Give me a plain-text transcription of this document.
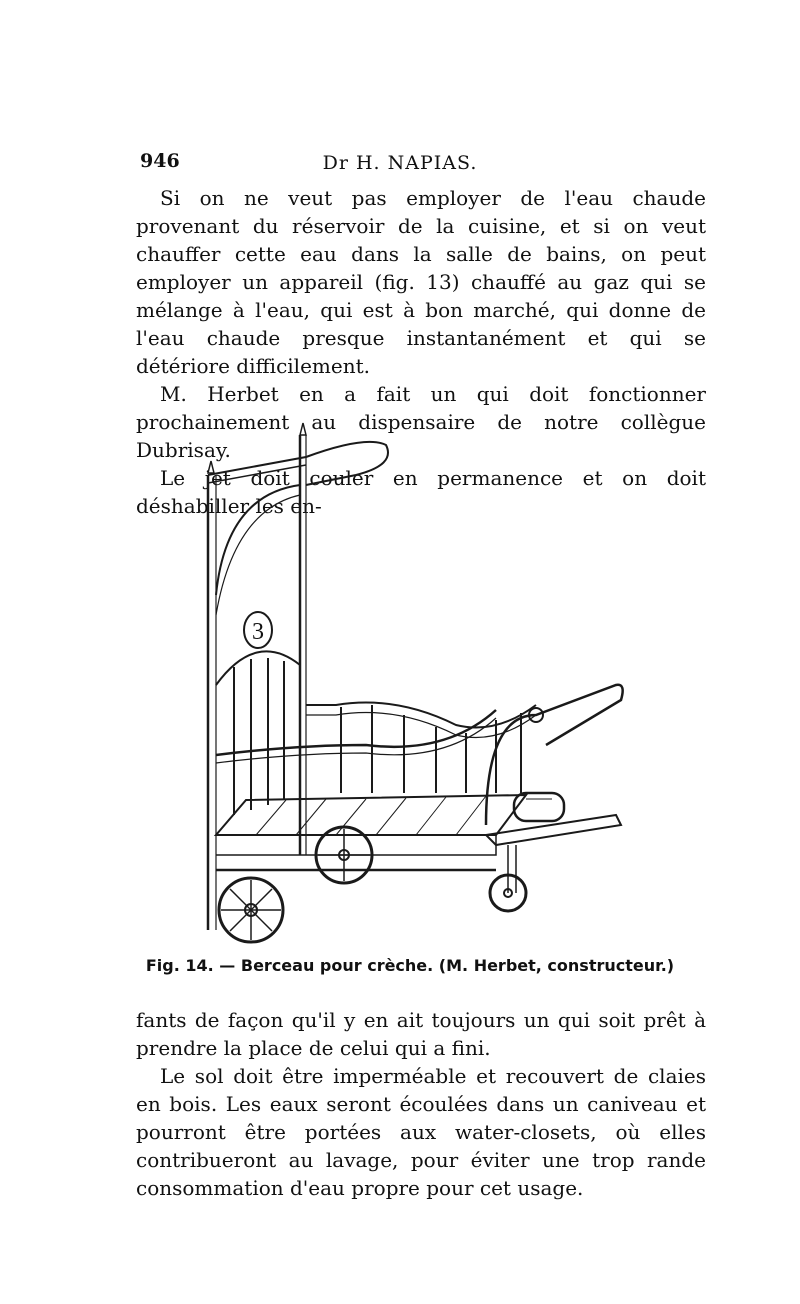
946	Dr H. NAPIAS.

Si on ne veut pas employer de l'eau chaude provenant du réservoir de la cuisine, et si on veut chauffer cette eau dans la salle de bains, on peut employer un appareil (fig. 13) chauffé au gaz qui se mélange à l'eau, qui est à bon marché, qui donne de l'eau chaude presque instantanément et qui se détériore difficilement.

M. Herbet en a fait un qui doit fonctionner prochainement au dispensaire de notre collègue Dubrisay.

Le jet doit couler en permanence et on doit déshabiller les en-

3
Fig. 14. — Berceau pour crèche. (M. Herbet, constructeur.)

fants de façon qu'il y en ait toujours un qui soit prêt à prendre la place de celui qui a fini.

Le sol doit être imperméable et recouvert de claies en bois. Les eaux seront écoulées dans un caniveau et pourront être portées aux water-closets, où elles contribueront au lavage, pour éviter une trop rande consommation d'eau propre pour cet usage.
